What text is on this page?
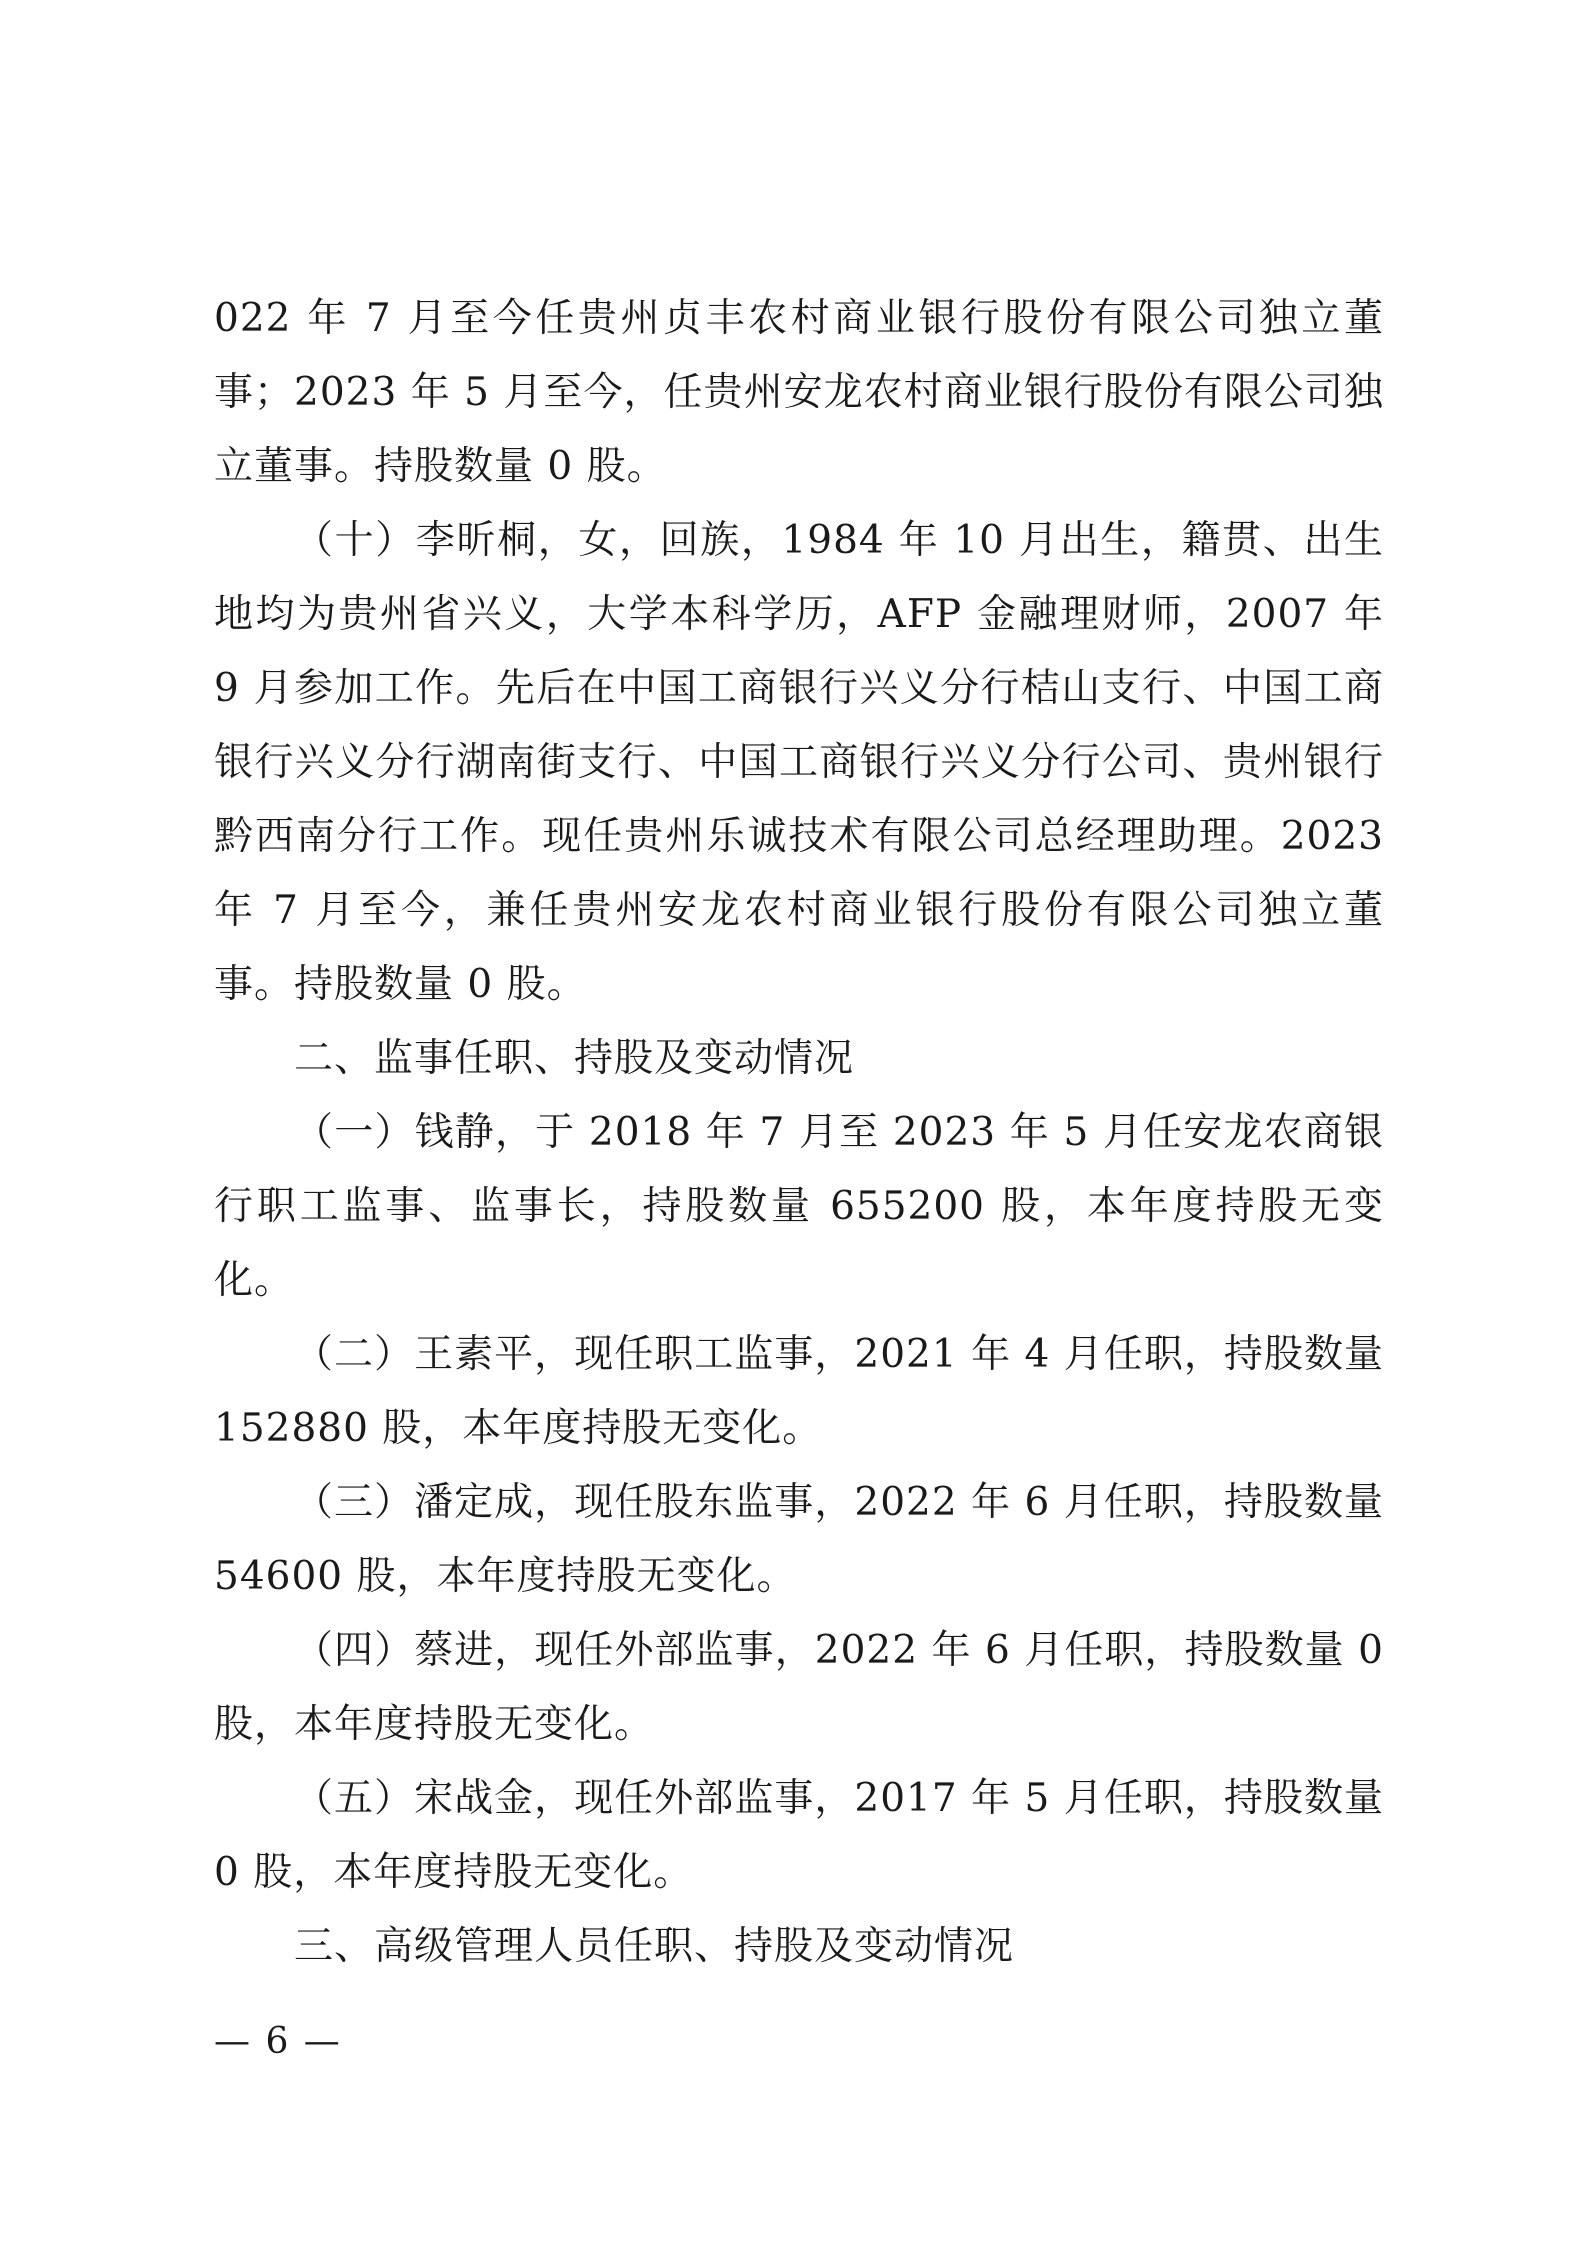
022 年 7 月至今任贵州贞丰农村商业银行股份有限公司独立董事；2023 年 5 月至今，任贵州安龙农村商业银行股份有限公司独立董事。持股数量 0 股。

（十）李昕桐，女，回族，1984 年 10 月出生，籍贯、出生地均为贵州省兴义，大学本科学历，AFP 金融理财师，2007 年 9 月参加工作。先后在中国工商银行兴义分行桔山支行、中国工商银行兴义分行湖南街支行、中国工商银行兴义分行公司、贵州银行黔西南分行工作。现任贵州乐诚技术有限公司总经理助理。2023 年 7 月至今，兼任贵州安龙农村商业银行股份有限公司独立董事。持股数量 0 股。

二、监事任职、持股及变动情况

（一）钱静，于 2018 年 7 月至 2023 年 5 月任安龙农商银行职工监事、监事长，持股数量 655200 股，本年度持股无变化。

（二）王素平，现任职工监事，2021 年 4 月任职，持股数量 152880 股，本年度持股无变化。

（三）潘定成，现任股东监事，2022 年 6 月任职，持股数量 54600 股，本年度持股无变化。

（四）蔡进，现任外部监事，2022 年 6 月任职，持股数量 0 股，本年度持股无变化。

（五）宋战金，现任外部监事，2017 年 5 月任职，持股数量 0 股，本年度持股无变化。

三、高级管理人员任职、持股及变动情况

— 6 —
